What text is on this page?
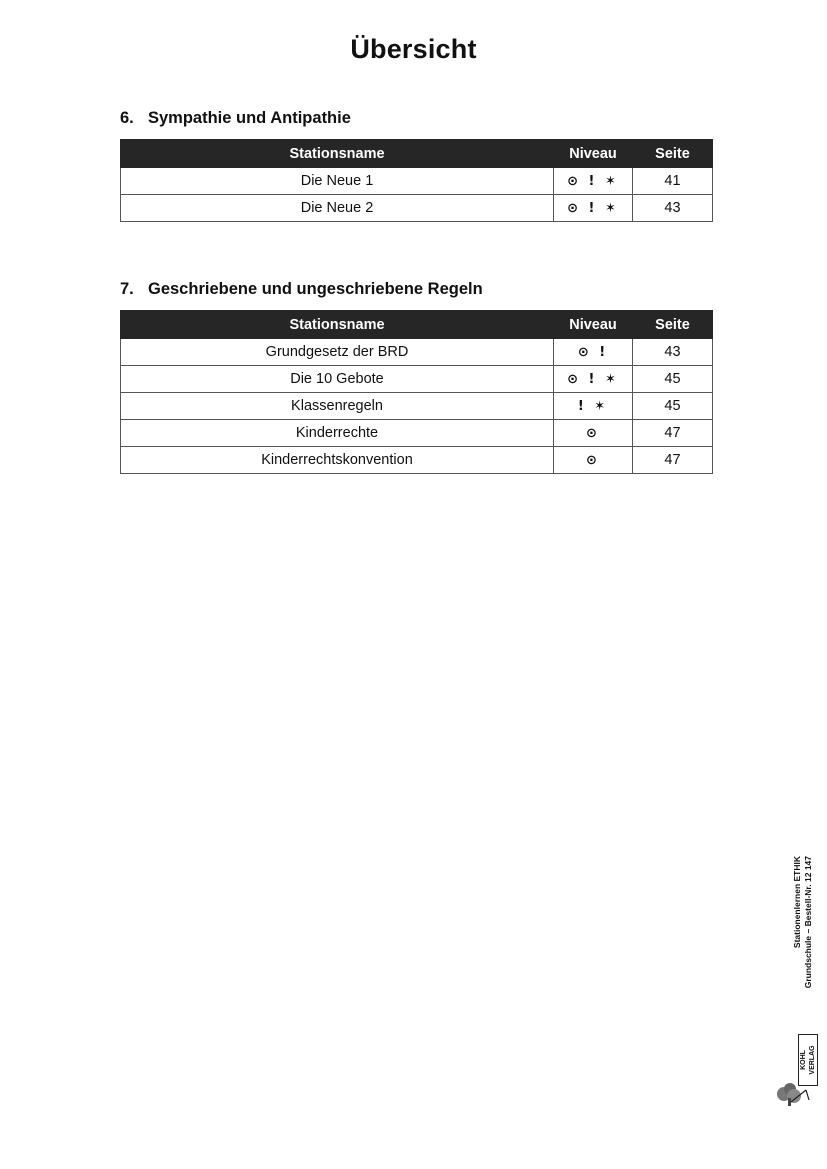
Übersicht
6. Sympathie und Antipathie
Stationsname	Niveau	Seite
Die Neue 1	⊙ ! ✶	41
Die Neue 2	⊙ ! ✶	43
7. Geschriebene und ungeschriebene Regeln
Stationsname	Niveau	Seite
Grundgesetz der BRD	⊙ !	43
Die 10 Gebote	⊙ ! ✶	45
Klassenregeln	! ✶	45
Kinderrechte	⊙	47
Kinderrechtskonvention	⊙	47
Stationenlernen ETHIK Grundschule – Bestell-Nr. 12 147
KOHL VERLAG
